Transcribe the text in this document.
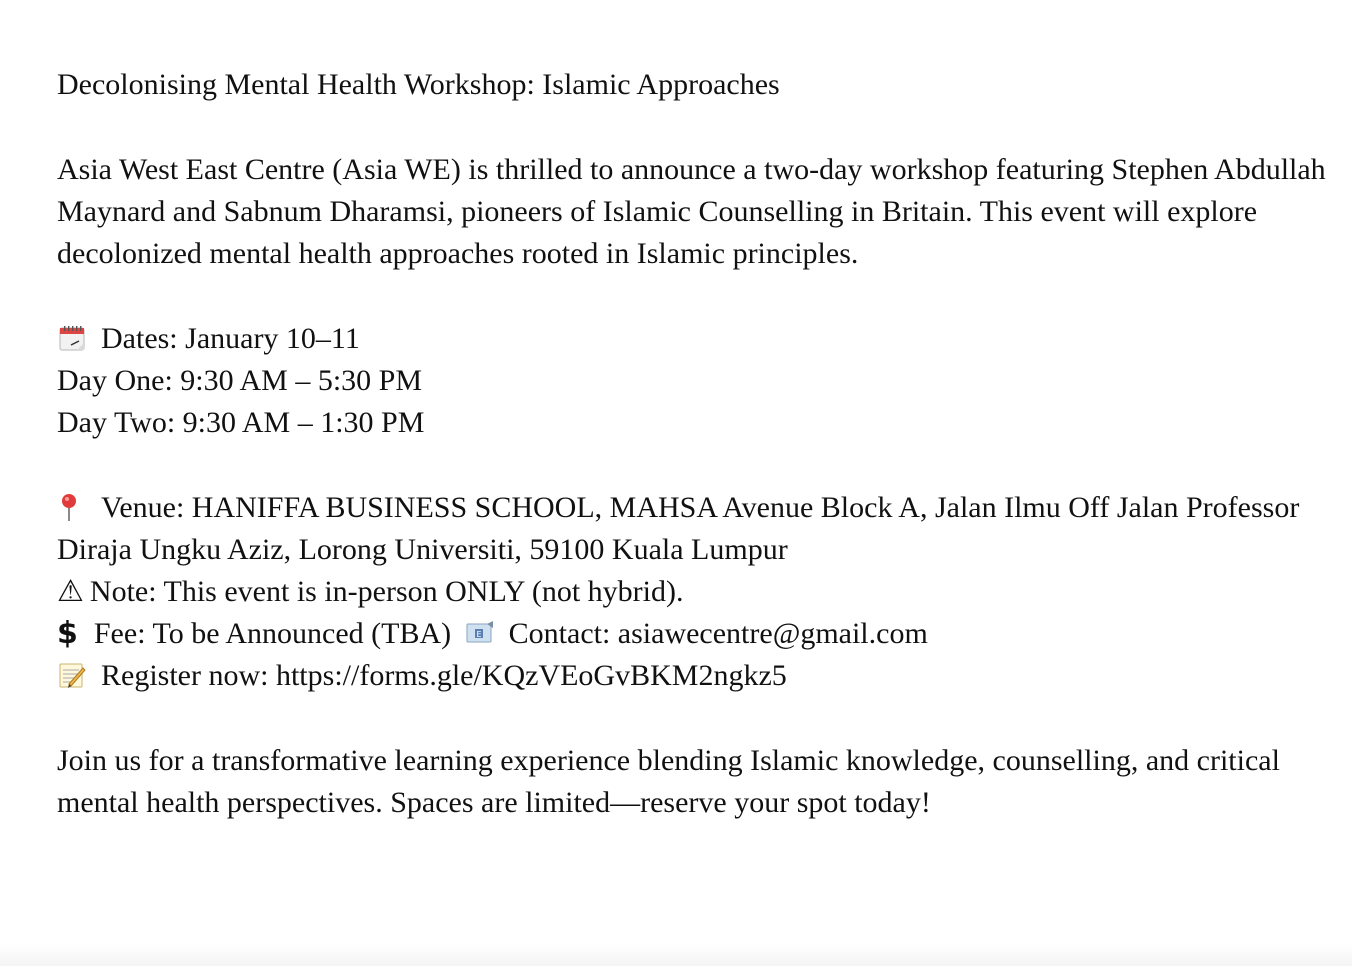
Decolonising Mental Health Workshop: Islamic Approaches

Asia West East Centre (Asia WE) is thrilled to announce a two-day workshop featuring Stephen Abdullah Maynard and Sabnum Dharamsi, pioneers of Islamic Counselling in Britain. This event will explore decolonized mental health approaches rooted in Islamic principles.

Dates: January 10–11
Day One: 9:30 AM – 5:30 PM
Day Two: 9:30 AM – 1:30 PM
Venue: HANIFFA BUSINESS SCHOOL, MAHSA Avenue Block A, Jalan Ilmu Off Jalan Professor Diraja Ungku Aziz, Lorong Universiti, 59100 Kuala Lumpur
⚠ Note: This event is in-person ONLY (not hybrid).
$ Fee: To be Announced (TBA)	E Contact: asiawecentre@gmail.com
Register now: https://forms.gle/KQzVEoGvBKM2ngkz5

Join us for a transformative learning experience blending Islamic knowledge, counselling, and critical mental health perspectives. Spaces are limited—reserve your spot today!
